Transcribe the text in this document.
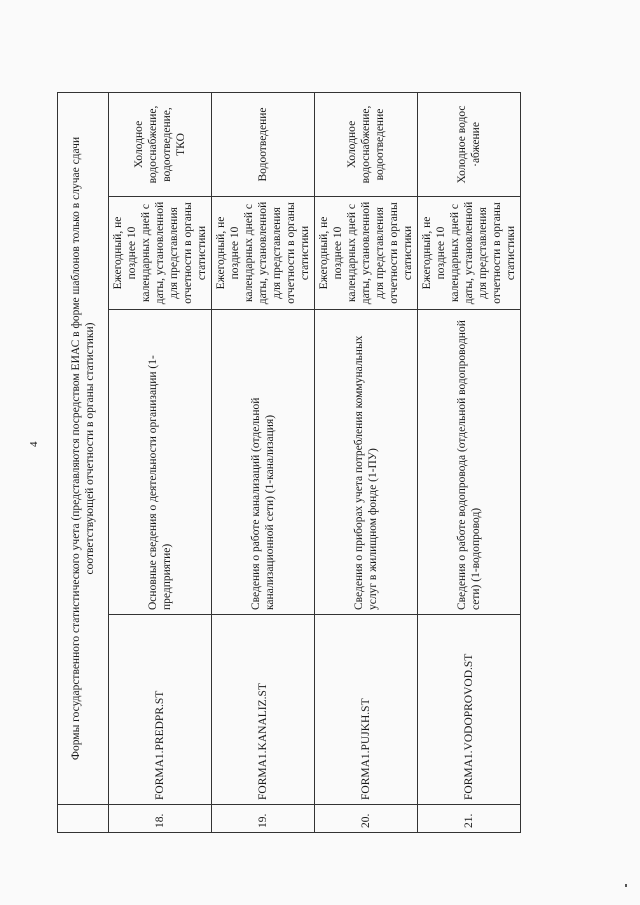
4
		Формы государственного статистического учета (представляются посредством ЕИАС в форме шаблонов только в случае сдачи соответствующей отчетности в органы статистики)			
18.	FORMA1.PREDPR.ST	Основные сведения о деятельности организации (1-предприятие)	Ежегодный, не позднее 10 календарных дней с даты, установленной для представления отчетности в органы статистики	Холодное водоснабжение, водоотведение, ТКО
19.	FORMA1.KANALIZ.ST	Сведения о работе канализаций (отдельной канализационной сети) (1-канализация)	Ежегодный, не позднее 10 календарных дней с даты, установленной для представления отчетности в органы статистики	Водоотведение
20.	FORMA1.PUJKH.ST	Сведения о приборах учета потребления коммунальных услуг в жилищном фонде (1-ПУ)	Ежегодный, не позднее 10 календарных дней с даты, установленной для представления отчетности в органы статистики	Холодное водоснабжение, водоотведение
21.	FORMA1.VODOPROVOD.ST	Сведения о работе водопровода (отдельной водопроводной сети) (1-водопровод)	Ежегодный, не позднее 10 календарных дней с даты, установленной для представления отчетности в органы статистики	Холодное водос ·абжение
